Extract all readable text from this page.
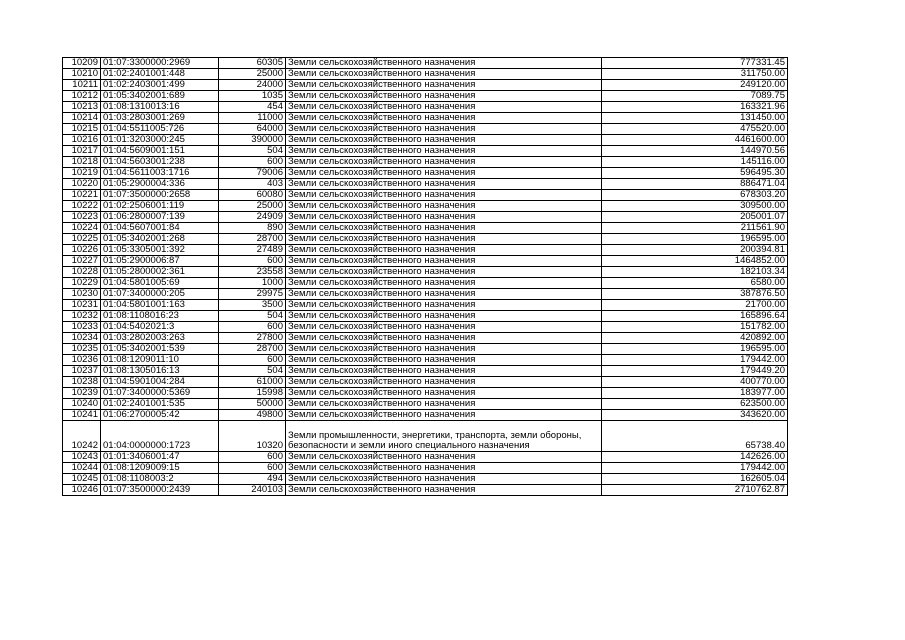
10209	01:07:3300000:2969	60305	Земли сельскохозяйственного назначения	777331.45
10210	01:02:2401001:448	25000	Земли сельскохозяйственного назначения	311750.00
10211	01:02:2403001:499	24000	Земли сельскохозяйственного назначения	249120.00
10212	01:05:3402001:689	1035	Земли сельскохозяйственного назначения	7089.75
10213	01:08:1310013:16	454	Земли сельскохозяйственного назначения	163321.96
10214	01:03:2803001:269	11000	Земли сельскохозяйственного назначения	131450.00
10215	01:04:5511005:726	64000	Земли сельскохозяйственного назначения	475520.00
10216	01:01:3203000:245	390000	Земли сельскохозяйственного назначения	4461600.00
10217	01:04:5609001:151	504	Земли сельскохозяйственного назначения	144970.56
10218	01:04:5603001:238	600	Земли сельскохозяйственного назначения	145116.00
10219	01:04:5611003:1716	79006	Земли сельскохозяйственного назначения	596495.30
10220	01:05:2900004:336	403	Земли сельскохозяйственного назначения	886471.04
10221	01:07:3500000:2658	60080	Земли сельскохозяйственного назначения	678303.20
10222	01:02:2506001:119	25000	Земли сельскохозяйственного назначения	309500.00
10223	01:06:2800007:139	24909	Земли сельскохозяйственного назначения	205001.07
10224	01:04:5607001:84	890	Земли сельскохозяйственного назначения	211561.90
10225	01:05:3402001:268	28700	Земли сельскохозяйственного назначения	196595.00
10226	01:05:3305001:392	27489	Земли сельскохозяйственного назначения	200394.81
10227	01:05:2900006:87	600	Земли сельскохозяйственного назначения	1464852.00
10228	01:05:2800002:361	23558	Земли сельскохозяйственного назначения	182103.34
10229	01:04:5801005:69	1000	Земли сельскохозяйственного назначения	6580.00
10230	01:07:3400000:205	29975	Земли сельскохозяйственного назначения	387876.50
10231	01:04:5801001:163	3500	Земли сельскохозяйственного назначения	21700.00
10232	01:08:1108016:23	504	Земли сельскохозяйственного назначения	165896.64
10233	01:04:5402021:3	600	Земли сельскохозяйственного назначения	151782.00
10234	01:03:2802003:263	27800	Земли сельскохозяйственного назначения	420892.00
10235	01:05:3402001:539	28700	Земли сельскохозяйственного назначения	196595.00
10236	01:08:1209011:10	600	Земли сельскохозяйственного назначения	179442.00
10237	01:08:1305016:13	504	Земли сельскохозяйственного назначения	179449.20
10238	01:04:5901004:284	61000	Земли сельскохозяйственного назначения	400770.00
10239	01:07:3400000:5369	15998	Земли сельскохозяйственного назначения	183977.00
10240	01:02:2401001:535	50000	Земли сельскохозяйственного назначения	623500.00
10241	01:06:2700005:42	49800	Земли сельскохозяйственного назначения	343620.00
10242	01:04:0000000:1723	10320	Земли промышленности, энергетики, транспорта, земли обороны, безопасности и земли иного специального назначения	65738.40
10243	01:01:3406001:47	600	Земли сельскохозяйственного назначения	142626.00
10244	01:08:1209009:15	600	Земли сельскохозяйственного назначения	179442.00
10245	01:08:1108003:2	494	Земли сельскохозяйственного назначения	162605.04
10246	01:07:3500000:2439	240103	Земли сельскохозяйственного назначения	2710762.87
